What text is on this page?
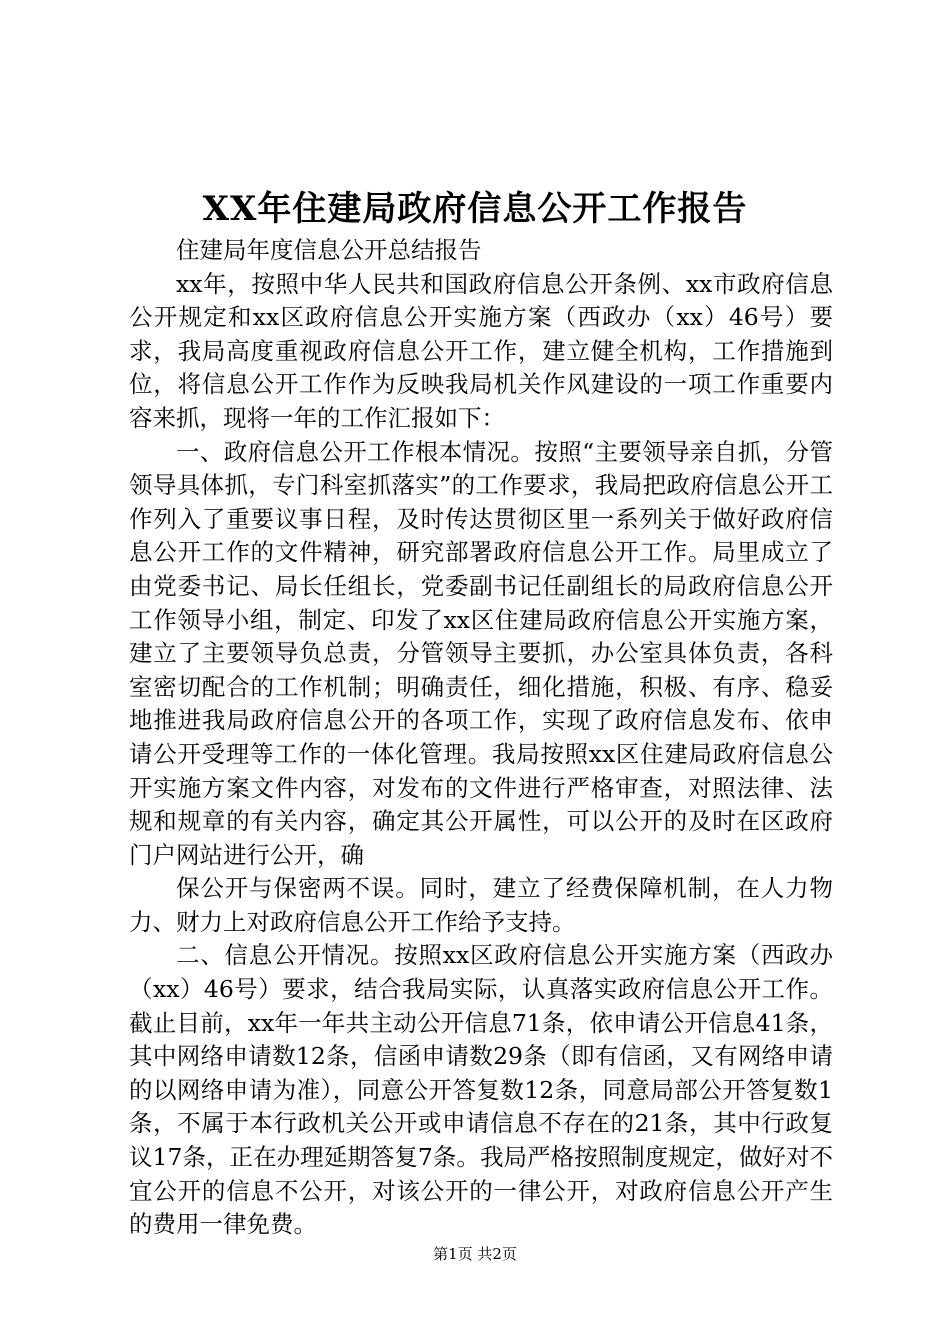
XX年住建局政府信息公开工作报告

住建局年度信息公开总结报告

xx年，按照中华人民共和国政府信息公开条例、xx市政府信息公开规定和xx区政府信息公开实施方案（西政办（xx）46号）要求，我局高度重视政府信息公开工作，建立健全机构，工作措施到位，将信息公开工作作为反映我局机关作风建设的一项工作重要内容来抓，现将一年的工作汇报如下：

一、政府信息公开工作根本情况。按照“主要领导亲自抓，分管领导具体抓，专门科室抓落实”的工作要求，我局把政府信息公开工作列入了重要议事日程，及时传达贯彻区里一系列关于做好政府信息公开工作的文件精神，研究部署政府信息公开工作。局里成立了由党委书记、局长任组长，党委副书记任副组长的局政府信息公开工作领导小组，制定、印发了xx区住建局政府信息公开实施方案，建立了主要领导负总责，分管领导主要抓，办公室具体负责，各科室密切配合的工作机制；明确责任，细化措施，积极、有序、稳妥地推进我局政府信息公开的各项工作，实现了政府信息发布、依申请公开受理等工作的一体化管理。我局按照xx区住建局政府信息公开实施方案文件内容，对发布的文件进行严格审查，对照法律、法规和规章的有关内容，确定其公开属性，可以公开的及时在区政府门户网站进行公开，确

保公开与保密两不误。同时，建立了经费保障机制，在人力物力、财力上对政府信息公开工作给予支持。

二、信息公开情况。按照xx区政府信息公开实施方案（西政办（xx）46号）要求，结合我局实际，认真落实政府信息公开工作。截止目前，xx年一年共主动公开信息71条，依申请公开信息41条，其中网络申请数12条，信函申请数29条（即有信函，又有网络申请的以网络申请为准），同意公开答复数12条，同意局部公开答复数1条，不属于本行政机关公开或申请信息不存在的21条，其中行政复议17条，正在办理延期答复7条。我局严格按照制度规定，做好对不宜公开的信息不公开，对该公开的一律公开，对政府信息公开产生的费用一律免费。

第1页 共2页
